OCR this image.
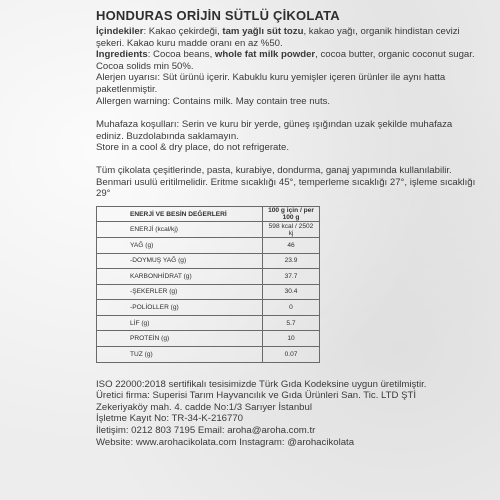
HONDURAS ORİJİN SÜTLÜ ÇİKOLATA

İçindekiler: Kakao çekirdeği, tam yağlı süt tozu, kakao yağı, organik hindistan cevizi şekeri. Kakao kuru madde oranı en az %50.

Ingredients: Cocoa beans, whole fat milk powder, cocoa butter, organic coconut sugar.

Cocoa solids min 50%.

Alerjen uyarısı: Süt ürünü içerir. Kabuklu kuru yemişler içeren ürünler ile aynı hatta paketlenmiştir.

Allergen warning: Contains milk. May contain tree nuts.

Muhafaza koşulları: Serin ve kuru bir yerde, güneş ışığından uzak şekilde muhafaza ediniz. Buzdolabında saklamayın.

Store in a cool & dry place, do not refrigerate.

Tüm çikolata çeşitlerinde, pasta, kurabiye, dondurma, ganaj yapımında kullanılabilir. Benmari usulü eritilmelidir. Eritme sıcaklığı 45°, temperleme sıcaklığı 27°, işleme sıcaklığı 29°

ENERJİ VE BESİN DEĞERLERİ	100 g için / per 100 g
ENERJİ (kcal/kj)	598 kcal / 2502 kj
YAĞ (g)	46
-DOYMUŞ YAĞ (g)	23.9
KARBONHİDRAT (g)	37.7
-ŞEKERLER (g)	30.4
-POLİOLLER (g)	0
LİF (g)	5.7
PROTEİN (g)	10
TUZ (g)	0.07

ISO 22000:2018 sertifikalı tesisimizde Türk Gıda Kodeksine uygun üretilmiştir.

Üretici firma: Superisi Tarım Hayvancılık ve Gıda Ürünleri San. Tic. LTD ŞTİ

Zekeriyaköy mah. 4. cadde No:1/3 Sarıyer İstanbul

İşletme Kayıt No: TR-34-K-216770

İletişim: 0212 803 7195 Email: aroha@aroha.com.tr

Website: www.arohacikolata.com Instagram: @arohacikolata
